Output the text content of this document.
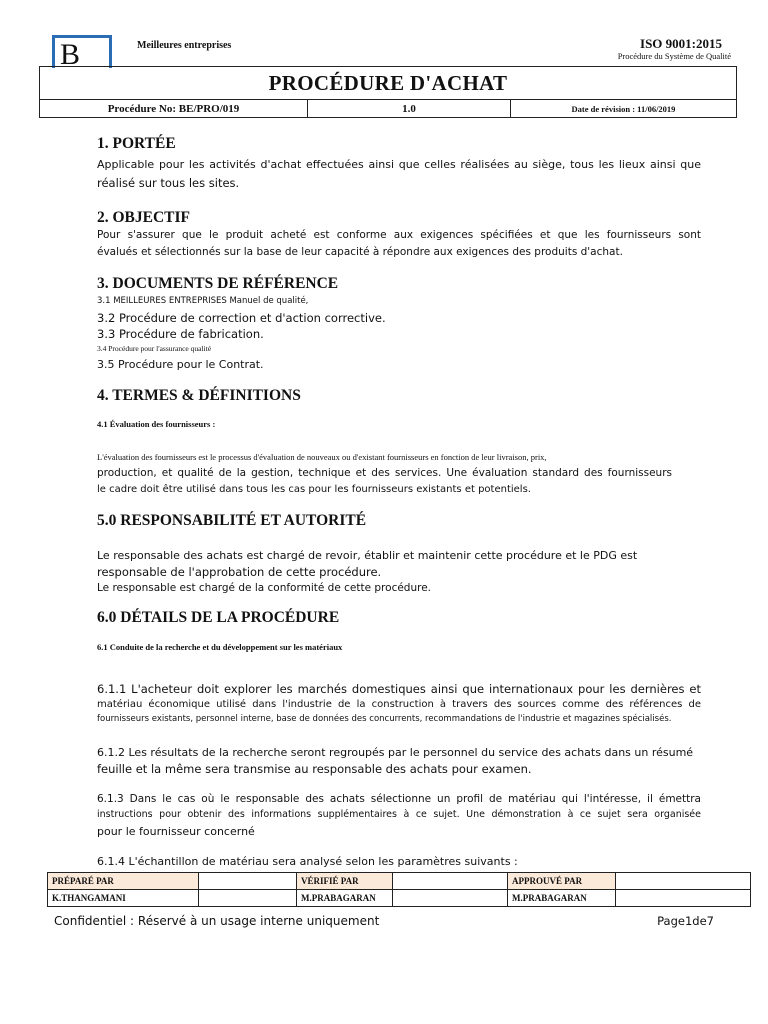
B	Meilleures entreprises	ISO 9001:2015
Procédure du Système de Qualité
PROCÉDURE D'ACHAT
Procédure No: BE/PRO/019	1.0	Date de révision : 11/06/2019
1. PORTÉE
Applicable pour les activités d'achat effectuées ainsi que celles réalisées au siège, tous les lieux ainsi que
réalisé sur tous les sites.
2. OBJECTIF
Pour s'assurer que le produit acheté est conforme aux exigences spécifiées et que les fournisseurs sont
évalués et sélectionnés sur la base de leur capacité à répondre aux exigences des produits d'achat.
3. DOCUMENTS DE RÉFÉRENCE
3.1 MEILLEURES ENTREPRISES Manuel de qualité,
3.2 Procédure de correction et d'action corrective.
3.3 Procédure de fabrication.
3.4 Procédure pour l'assurance qualité
3.5 Procédure pour le Contrat.
4. TERMES & DÉFINITIONS
4.1 Évaluation des fournisseurs :
L'évaluation des fournisseurs est le processus d'évaluation de nouveaux ou d'existant fournisseurs en fonction de leur livraison, prix,
production, et qualité de la gestion, technique et des services. Une évaluation standard des fournisseurs
le cadre doit être utilisé dans tous les cas pour les fournisseurs existants et potentiels.
5.0 RESPONSABILITÉ ET AUTORITÉ
Le responsable des achats est chargé de revoir, établir et maintenir cette procédure et le PDG est
responsable de l'approbation de cette procédure.
Le responsable est chargé de la conformité de cette procédure.
6.0 DÉTAILS DE LA PROCÉDURE
6.1 Conduite de la recherche et du développement sur les matériaux
6.1.1 L'acheteur doit explorer les marchés domestiques ainsi que internationaux pour les dernières et
matériau économique utilisé dans l'industrie de la construction à travers des sources comme des références de
fournisseurs existants, personnel interne, base de données des concurrents, recommandations de l'industrie et magazines spécialisés.
6.1.2 Les résultats de la recherche seront regroupés par le personnel du service des achats dans un résumé
feuille et la même sera transmise au responsable des achats pour examen.
6.1.3 Dans le cas où le responsable des achats sélectionne un profil de matériau qui l'intéresse, il émettra
instructions pour obtenir des informations supplémentaires à ce sujet. Une démonstration à ce sujet sera organisée
pour le fournisseur concerné
6.1.4 L'échantillon de matériau sera analysé selon les paramètres suivants :
PRÉPARÉ PAR		VÉRIFIÉ PAR		APPROUVÉ PAR	
K.THANGAMANI		M.PRABAGARAN		M.PRABAGARAN	
Confidentiel : Réservé à un usage interne uniquement	Page1de7
